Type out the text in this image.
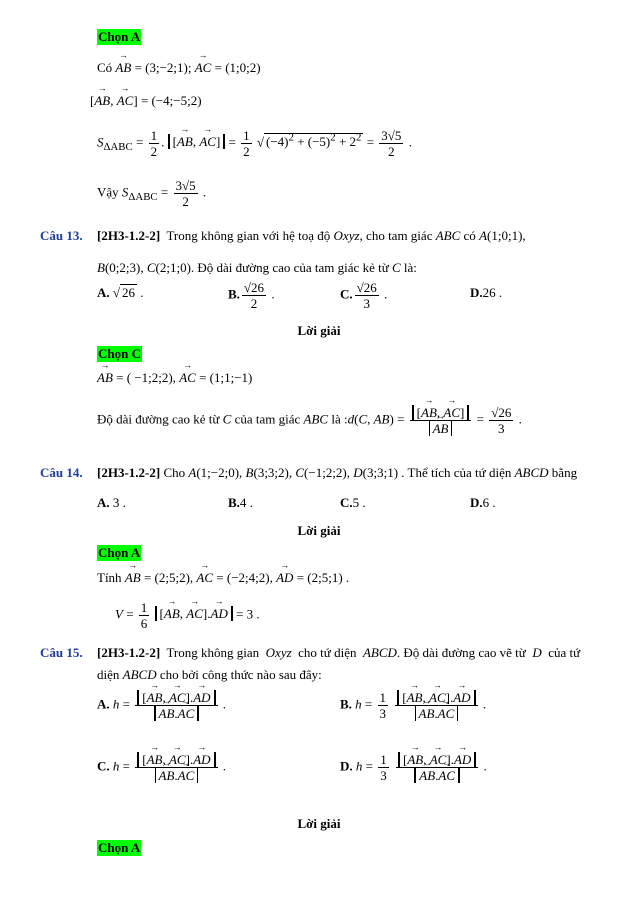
Chọn A
Có → AB = (3;−2;1); → AC = (1;0;2)
[→ AB, → AC] = (−4;−5;2)
$S_{\Delta ABC} = \frac{1}{2}$ . [→ AB, → $AC] = \frac{1}{2}$ √ $(-4)^2 + (-5)^2 + 2^2 = \frac{3√5}{2}$ .
Vậy $S_{\Delta ABC} = \frac{3√5}{2}$ .
Câu 13. [2H3-1.2-2]  Trong không gian với hệ toạ độ Oxyz, cho tam giác ABC có A(1;0;1),
B(0;2;3), C(2;1;0). Độ dài đường cao của tam giác kẻ từ C là:
A. √ 26 .	B. $\frac{√26}{2}$ .	C. $\frac{√26}{3}$ .	D.26 .
Lời giải
Chọn C
→ AB = ( −1;2;2), → AC = (1;1;−1)
Độ dài đường cao kẻ từ C của tam giác ABC là :d(C, AB) = [→ AB, → AC]
→ AB = $\frac{√26}{3}$ .
Câu 14. [2H3-1.2-2] Cho A(1;−2;0), B(3;3;2), C(−1;2;2), D(3;3;1) . Thể tích của tứ diện ABCD bằng
A. 3 .	B.4 .	C.5 .	D.6 .
Lời giải
Chọn A
Tính → AB = (2;5;2), → AC = (−2;4;2), → AD = (2;5;1) .
$V = \frac{1}{6}$ [→ AB, → AC].→ AD = 3 .
Câu 15. [2H3-1.2-2]  Trong không gian  Oxyz  cho tứ diện  ABCD. Độ dài đường cao vẽ từ  D  của tứ
diện ABCD cho bởi công thức nào sau đây:
A. h = [→ AB, → AC].→ AD
→ AB.→ AC .	B. $h = \frac{1}{3}$
[→ AB, → AC].→ AD
→ AB.→ AC .
C. h = [→ AB, → AC].→ AD
→ AB.→ AC .	D. $h = \frac{1}{3}$
[→ AB, → AC].→ AD
→ AB.→ AC .
Lời giải
Chọn A
